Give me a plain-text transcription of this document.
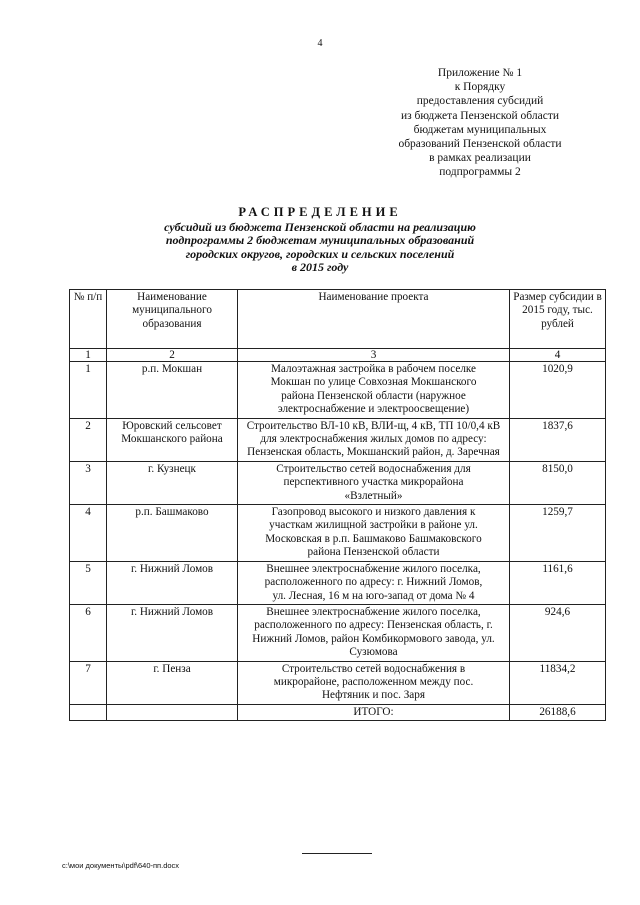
4
Приложение № 1
к Порядку
предоставления субсидий
из бюджета Пензенской области
бюджетам муниципальных
образований Пензенской области
в рамках реализации
подпрограммы 2
РАСПРЕДЕЛЕНИЕ
субсидий из бюджета Пензенской области на реализацию
подпрограммы 2 бюджетам муниципальных образований
городских округов, городских и сельских поселений
в 2015 году
№ п/п	Наименование муниципального образования	Наименование проекта	Размер субсидии в 2015 году, тыс. рублей
1	2	3	4
1	р.п. Мокшан	Малоэтажная застройка в рабочем поселке Мокшан по улице Совхозная Мокшанского района Пензенской области (наружное электроснабжение и электроосвещение)	1020,9
2	Юровский сельсовет Мокшанского района	Строительство ВЛ-10 кВ, ВЛИ-щ, 4 кВ, ТП 10/0,4 кВ для электроснабжения жилых домов по адресу: Пензенская область, Мокшанский район, д. Заречная	1837,6
3	г. Кузнецк	Строительство сетей водоснабжения для перспективного участка микрорайона «Взлетный»	8150,0
4	р.п. Башмаково	Газопровод высокого и низкого давления к участкам жилищной застройки в районе ул. Московская в р.п. Башмаково Башмаковского района Пензенской области	1259,7
5	г. Нижний Ломов	Внешнее электроснабжение жилого поселка, расположенного по адресу: г. Нижний Ломов, ул. Лесная, 16 м на юго-запад от дома № 4	1161,6
6	г. Нижний Ломов	Внешнее электроснабжение жилого поселка, расположенного по адресу: Пензенская область, г. Нижний Ломов, район Комбикормового завода, ул. Сузюмова	924,6
7	г. Пенза	Строительство сетей водоснабжения в микрорайоне, расположенном между пос. Нефтяник и пос. Заря	11834,2
		ИТОГО:	26188,6
c:\мои документы\pdf\640-пп.docx
